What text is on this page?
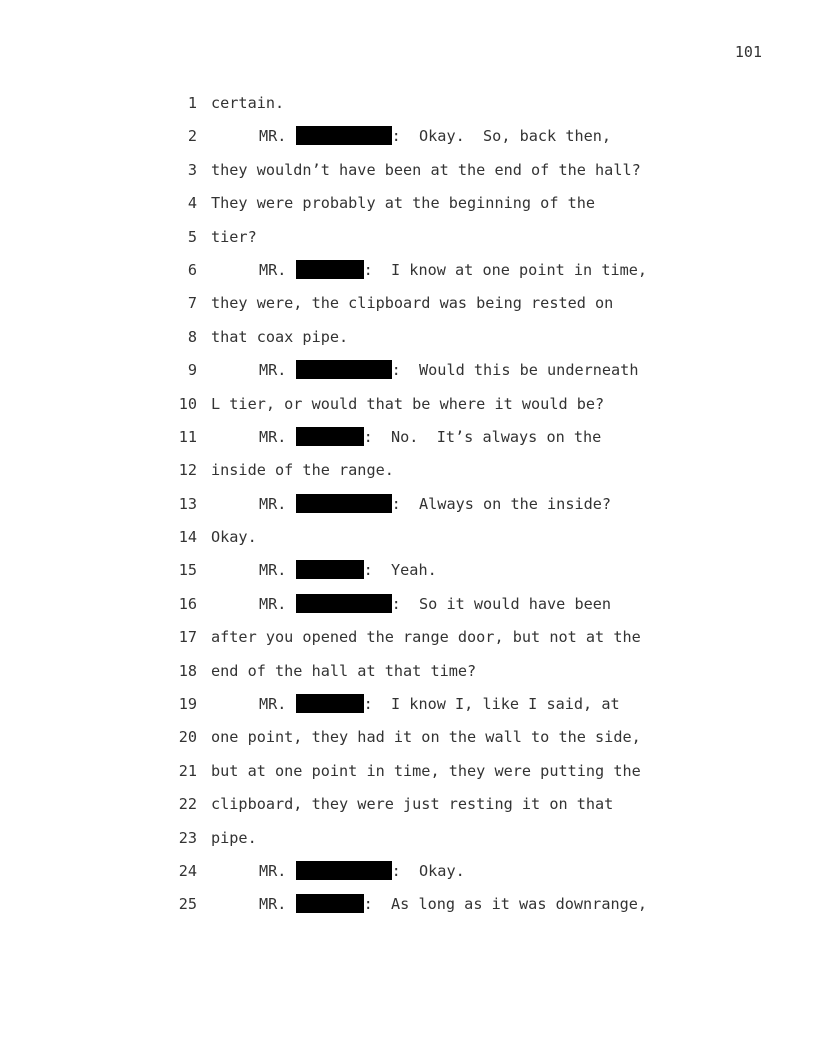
101
1 certain.
2	MR.	:  Okay.  So, back then,
3 they wouldn’t have been at the end of the hall?
4 They were probably at the beginning of the
5 tier?
6	MR.	:  I know at one point in time,
7 they were, the clipboard was being rested on
8 that coax pipe.
9	MR.	:  Would this be underneath
10 L tier, or would that be where it would be?
11	MR.	:  No.  It’s always on the
12 inside of the range.
13	MR.	:  Always on the inside?
14 Okay.
15	MR.	:  Yeah.
16	MR.	:  So it would have been
17 after you opened the range door, but not at the
18 end of the hall at that time?
19	MR.	:  I know I, like I said, at
20 one point, they had it on the wall to the side,
21 but at one point in time, they were putting the
22 clipboard, they were just resting it on that
23 pipe.
24	MR.	:  Okay.
25	MR.	:  As long as it was downrange,
